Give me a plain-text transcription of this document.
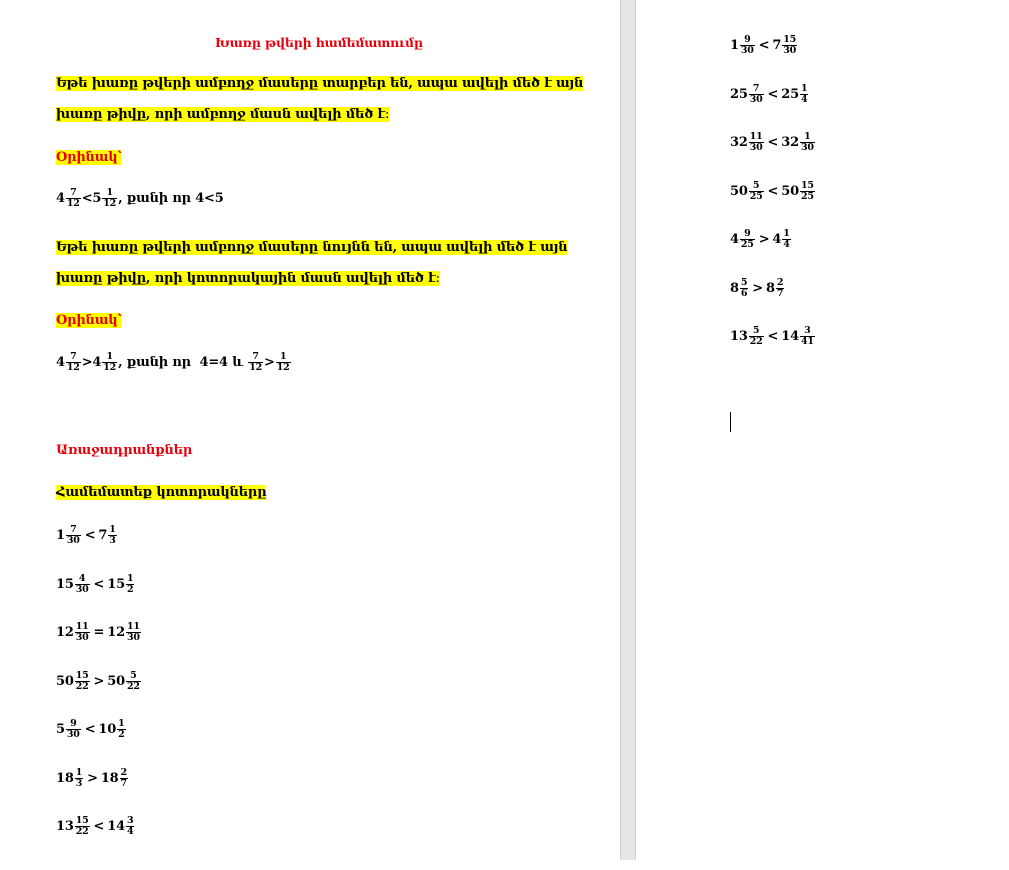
Խառը թվերի համեմատումը
Եթե խառը թվերի ամբողջ մասերը տարբեր են, ապա ավելի մեծ է այն
խառը թիվը, որի ամբողջ մասն ավելի մեծ է։
Օրինակ՝
$4 \frac{7}{12} < 5 \frac{1}{12}$ , քանի որ 4<5
Եթե խառը թվերի ամբողջ մասերը նույնն են, ապա ավելի մեծ է այն
խառը թիվը, որի կոտորակային մասն ավելի մեծ է։
Օրինակ՝
$4 \frac{7}{12} > 4 \frac{1}{12}$ , քանի որ  4=4 և $\frac{7}{12} > \frac{1}{12}$
Առաջադրանքներ
Համեմատեք կոտորակները
$1 \frac{7}{30} < 7 \frac{1}{3}$
$15 \frac{4}{30} < 15 \frac{1}{2}$
$12 \frac{11}{30} = 12 \frac{11}{30}$
$50 \frac{15}{22} > 50 \frac{5}{22}$
$5 \frac{9}{30} < 10 \frac{1}{2}$
$18 \frac{1}{3} > 18 \frac{2}{7}$
$13 \frac{15}{22} < 14 \frac{3}{4}$
$1 \frac{9}{30} < 7 \frac{15}{30}$
$25 \frac{7}{30} < 25 \frac{1}{4}$
$32 \frac{11}{30} < 32 \frac{1}{30}$
$50 \frac{5}{25} < 50 \frac{15}{25}$
$4 \frac{9}{25} > 4 \frac{1}{4}$
$8 \frac{5}{6} > 8 \frac{2}{7}$
$13 \frac{5}{22} < 14 \frac{3}{41}$
